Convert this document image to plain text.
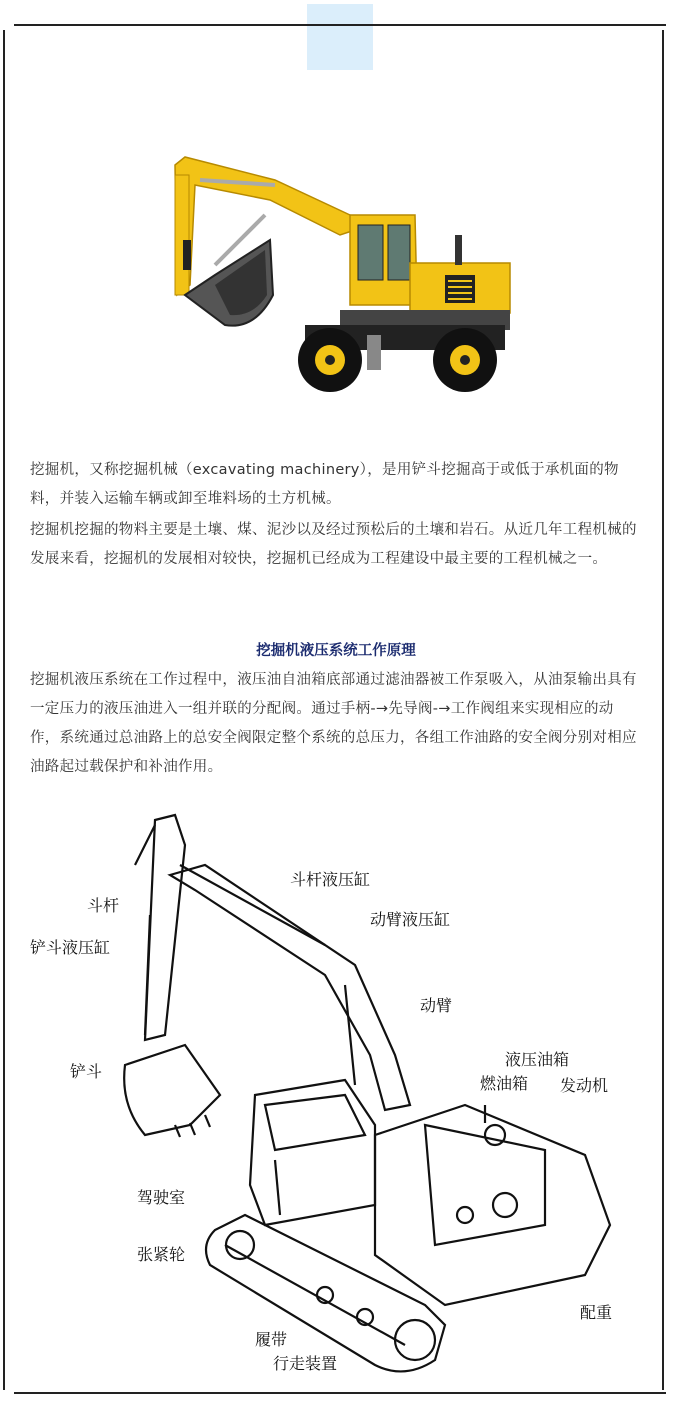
挖掘机，又称挖掘机械（excavating machinery），是用铲斗挖掘高于或低于承机面的物料，并装入运输车辆或卸至堆料场的土方机械。

挖掘机挖掘的物料主要是土壤、煤、泥沙以及经过预松后的土壤和岩石。从近几年工程机械的发展来看，挖掘机的发展相对较快，挖掘机已经成为工程建设中最主要的工程机械之一。

挖掘机液压系统工作原理

挖掘机液压系统在工作过程中，液压油自油箱底部通过滤油器被工作泵吸入，从油泵输出具有一定压力的液压油进入一组并联的分配阀。通过手柄-→先导阀-→工作阀组来实现相应的动作，系统通过总油路上的总安全阀限定整个系统的总压力，各组工作油路的安全阀分别对相应油路起过载保护和补油作用。

斗杆液压缸
斗杆
动臂液压缸
铲斗液压缸
动臂
液压油箱
铲斗
燃油箱 发动机
驾驶室
张紧轮
配重
履带
行走装置
